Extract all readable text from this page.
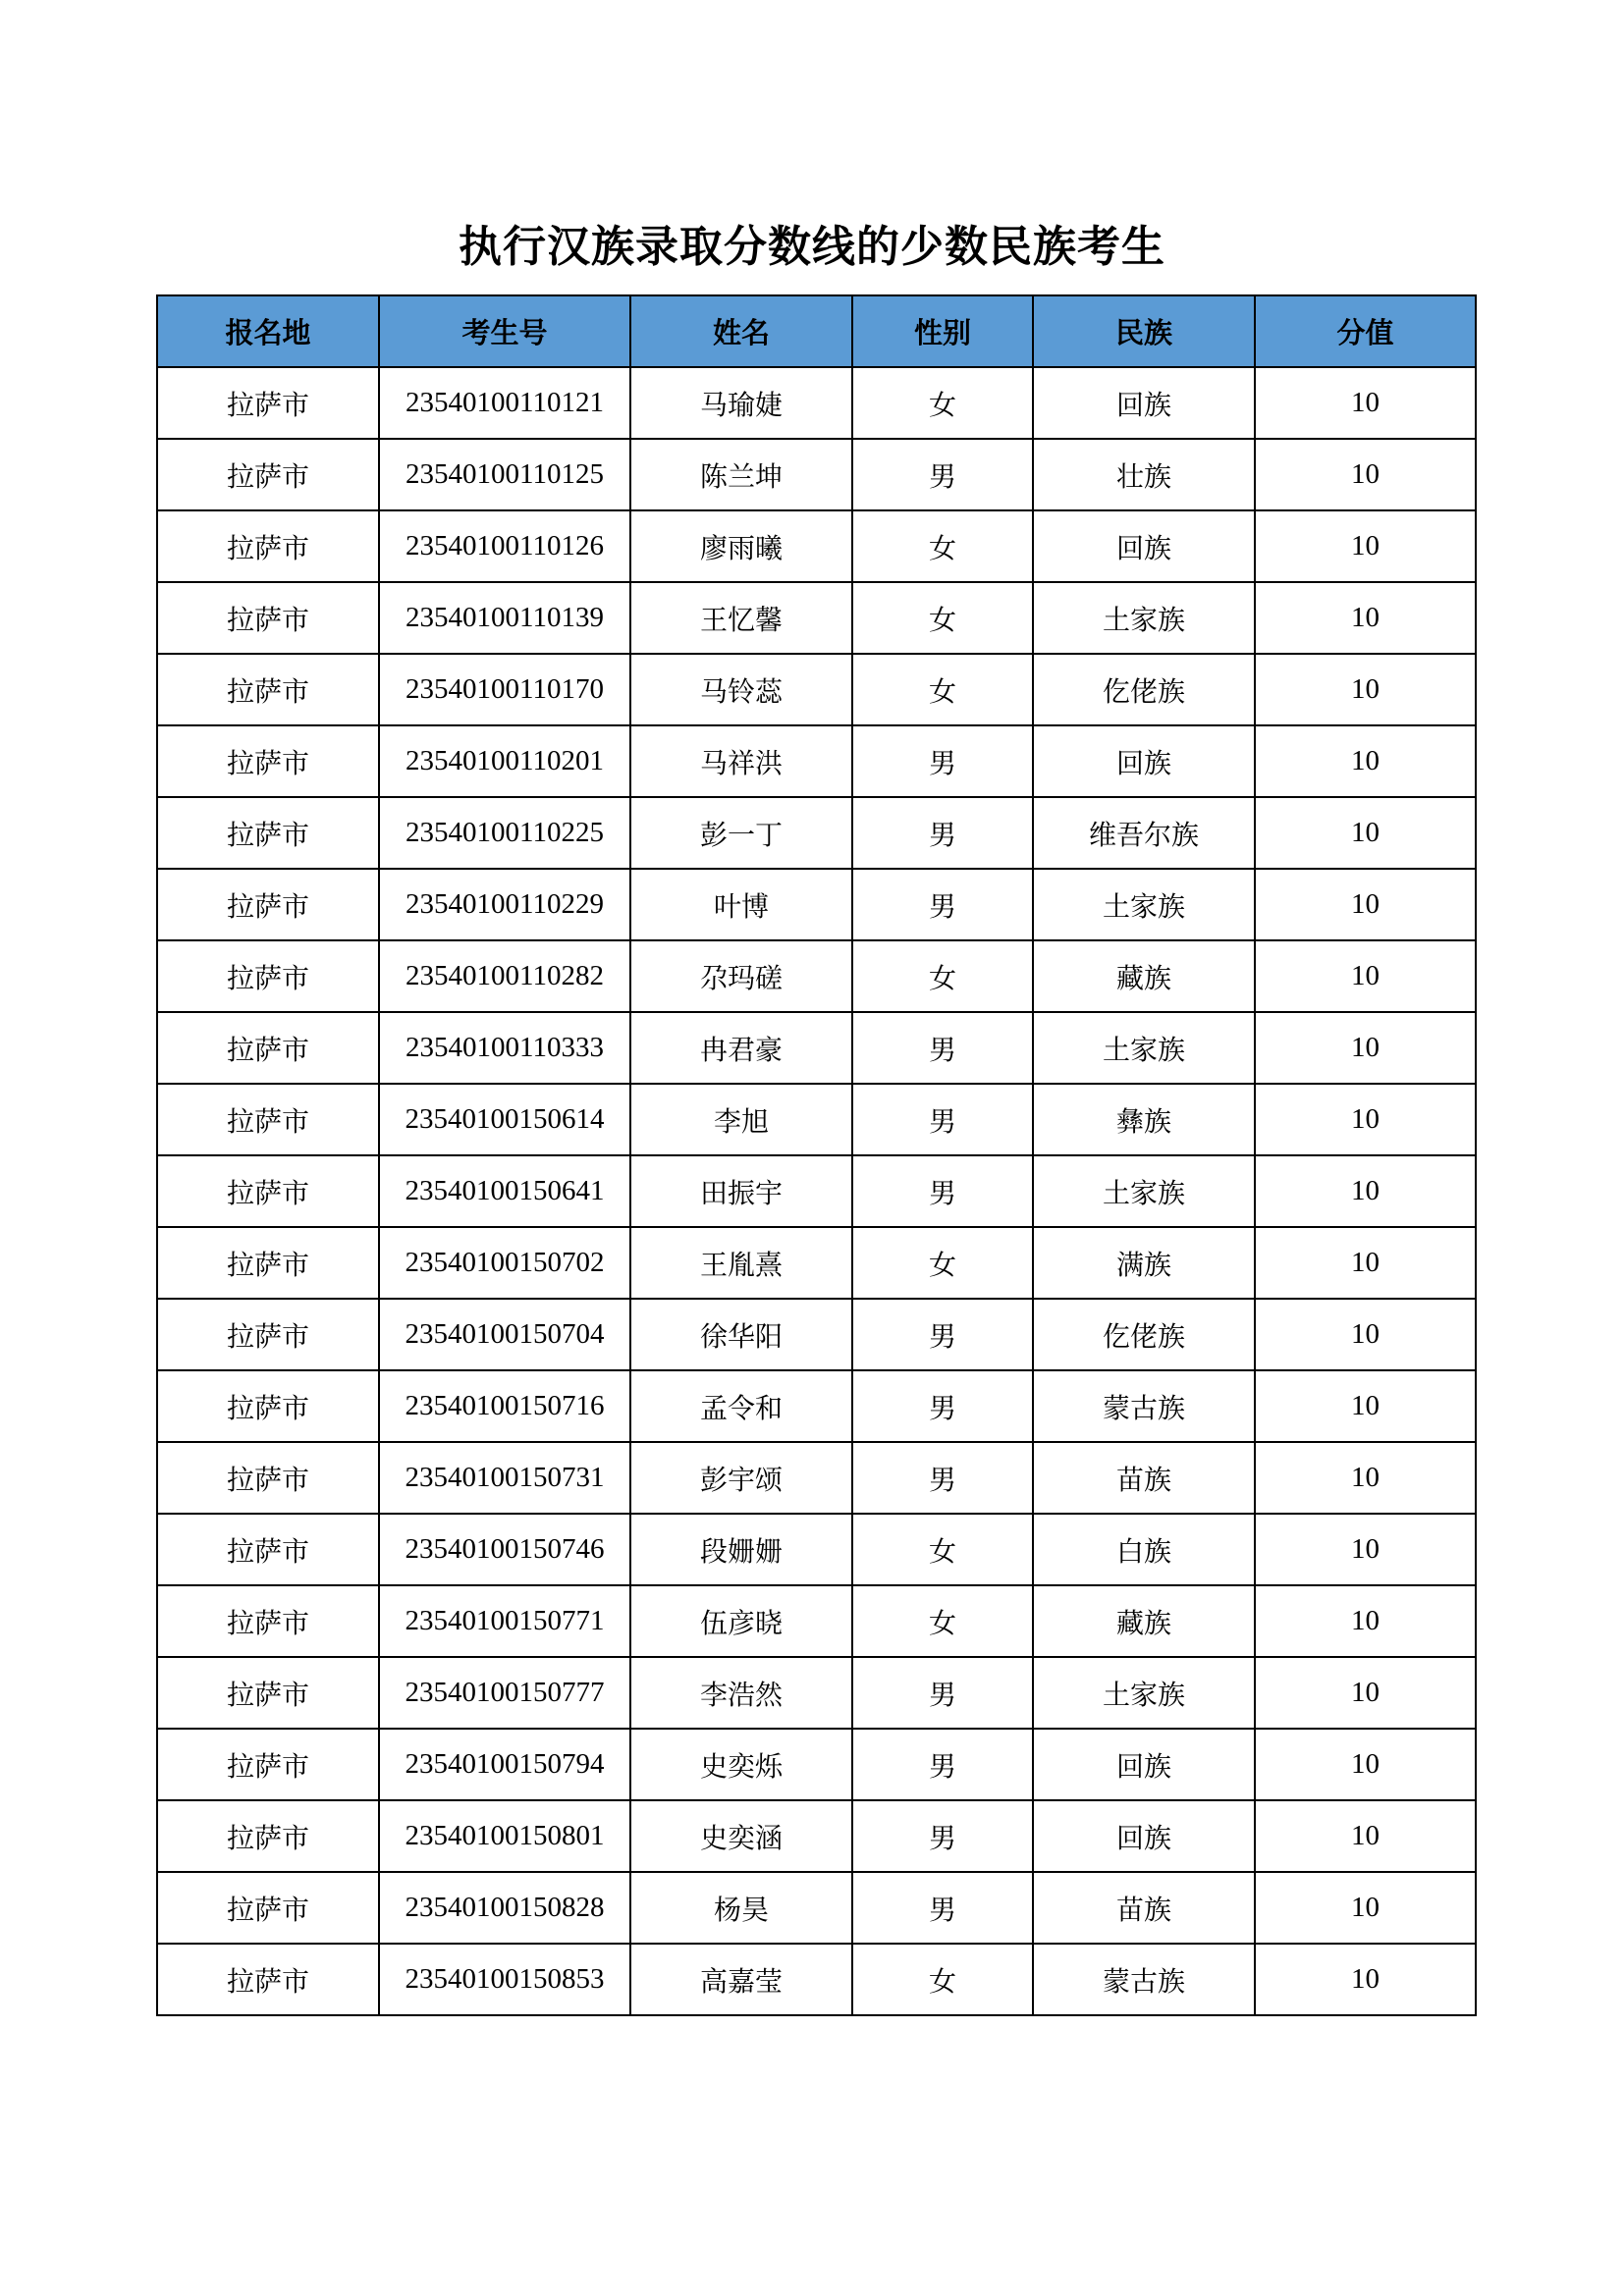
执行汉族录取分数线的少数民族考生
报名地	考生号	姓名	性别	民族	分值
拉萨市	23540100110121	马瑜婕	女	回族	10
拉萨市	23540100110125	陈兰坤	男	壮族	10
拉萨市	23540100110126	廖雨曦	女	回族	10
拉萨市	23540100110139	王忆馨	女	土家族	10
拉萨市	23540100110170	马铃蕊	女	仡佬族	10
拉萨市	23540100110201	马祥洪	男	回族	10
拉萨市	23540100110225	彭一丁	男	维吾尔族	10
拉萨市	23540100110229	叶博	男	土家族	10
拉萨市	23540100110282	尕玛磋	女	藏族	10
拉萨市	23540100110333	冉君豪	男	土家族	10
拉萨市	23540100150614	李旭	男	彝族	10
拉萨市	23540100150641	田振宇	男	土家族	10
拉萨市	23540100150702	王胤熹	女	满族	10
拉萨市	23540100150704	徐华阳	男	仡佬族	10
拉萨市	23540100150716	孟令和	男	蒙古族	10
拉萨市	23540100150731	彭宇颂	男	苗族	10
拉萨市	23540100150746	段姗姗	女	白族	10
拉萨市	23540100150771	伍彦晓	女	藏族	10
拉萨市	23540100150777	李浩然	男	土家族	10
拉萨市	23540100150794	史奕烁	男	回族	10
拉萨市	23540100150801	史奕涵	男	回族	10
拉萨市	23540100150828	杨昊	男	苗族	10
拉萨市	23540100150853	高嘉莹	女	蒙古族	10
